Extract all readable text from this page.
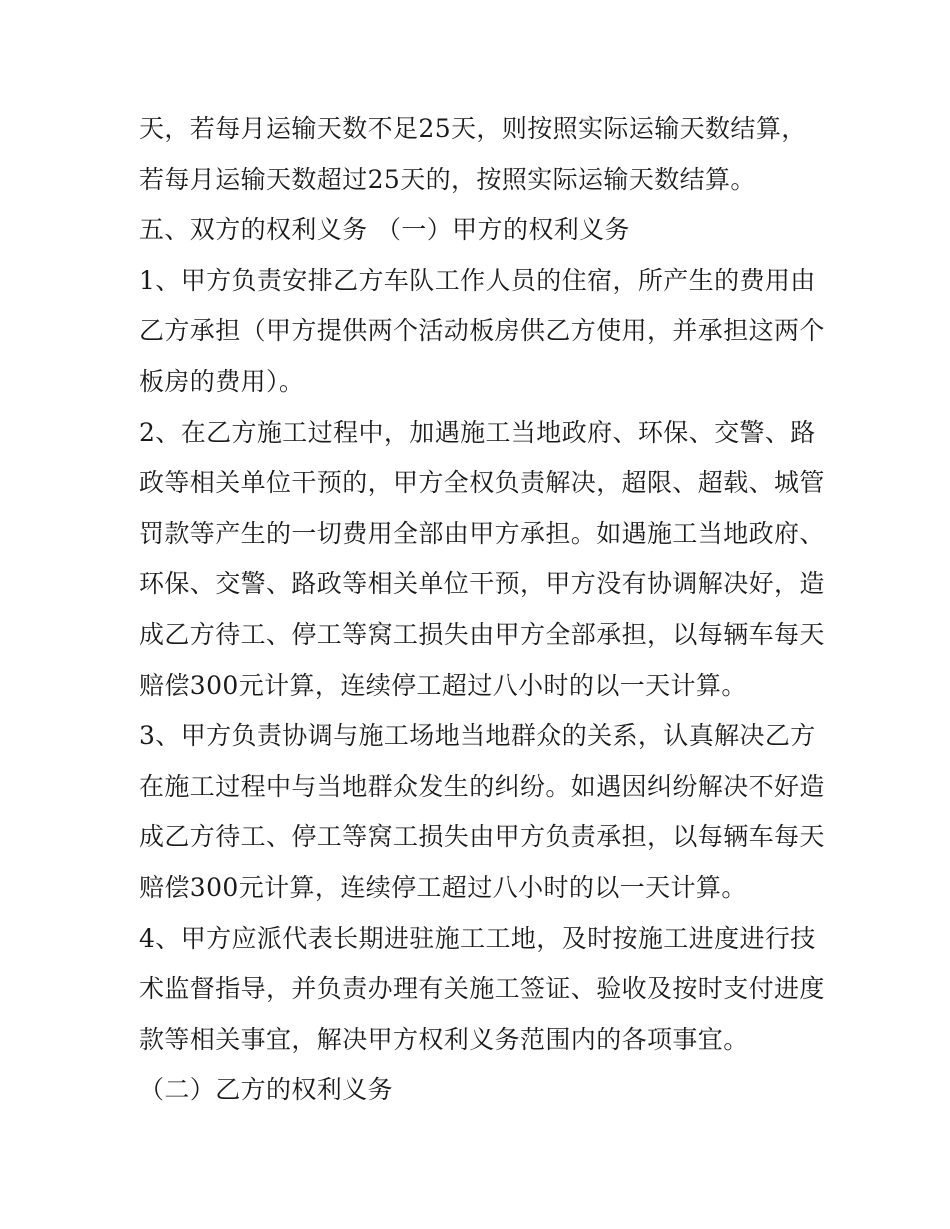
天，若每月运输天数不足25天，则按照实际运输天数结算，
若每月运输天数超过25天的，按照实际运输天数结算。
五、双方的权利义务 （一）甲方的权利义务
1、甲方负责安排乙方车队工作人员的住宿，所产生的费用由
乙方承担（甲方提供两个活动板房供乙方使用，并承担这两个
板房的费用）。
2、在乙方施工过程中，加遇施工当地政府、环保、交警、路
政等相关单位干预的，甲方全权负责解决，超限、超载、城管
罚款等产生的一切费用全部由甲方承担。如遇施工当地政府、
环保、交警、路政等相关单位干预，甲方没有协调解决好，造
成乙方待工、停工等窝工损失由甲方全部承担，以每辆车每天
赔偿300元计算，连续停工超过八小时的以一天计算。
3、甲方负责协调与施工场地当地群众的关系，认真解决乙方
在施工过程中与当地群众发生的纠纷。如遇因纠纷解决不好造
成乙方待工、停工等窝工损失由甲方负责承担，以每辆车每天
赔偿300元计算，连续停工超过八小时的以一天计算。
4、甲方应派代表长期进驻施工工地，及时按施工进度进行技
术监督指导，并负责办理有关施工签证、验收及按时支付进度
款等相关事宜，解决甲方权利义务范围内的各项事宜。
（二）乙方的权利义务
